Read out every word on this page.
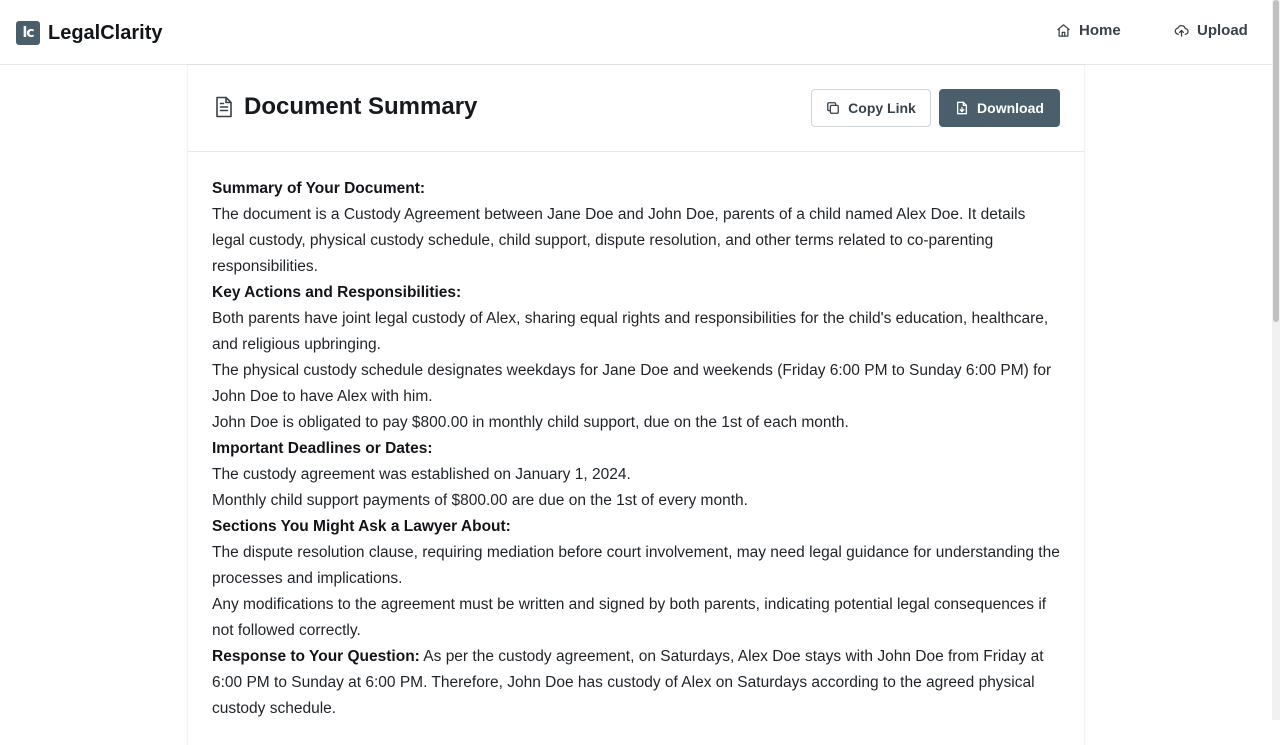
lc LegalClarity	Home	Upload
Document Summary	Copy Link	Download

Summary of Your Document:

The document is a Custody Agreement between Jane Doe and John Doe, parents of a child named Alex Doe. It details legal custody, physical custody schedule, child support, dispute resolution, and other terms related to co-parenting responsibilities.

Key Actions and Responsibilities:

Both parents have joint legal custody of Alex, sharing equal rights and responsibilities for the child's education, healthcare, and religious upbringing.

The physical custody schedule designates weekdays for Jane Doe and weekends (Friday 6:00 PM to Sunday 6:00 PM) for John Doe to have Alex with him.

John Doe is obligated to pay $800.00 in monthly child support, due on the 1st of each month.

Important Deadlines or Dates:

The custody agreement was established on January 1, 2024.

Monthly child support payments of $800.00 are due on the 1st of every month.

Sections You Might Ask a Lawyer About:

The dispute resolution clause, requiring mediation before court involvement, may need legal guidance for understanding the processes and implications.

Any modifications to the agreement must be written and signed by both parents, indicating potential legal consequences if not followed correctly.

Response to Your Question: As per the custody agreement, on Saturdays, Alex Doe stays with John Doe from Friday at 6:00 PM to Sunday at 6:00 PM. Therefore, John Doe has custody of Alex on Saturdays according to the agreed physical custody schedule.
